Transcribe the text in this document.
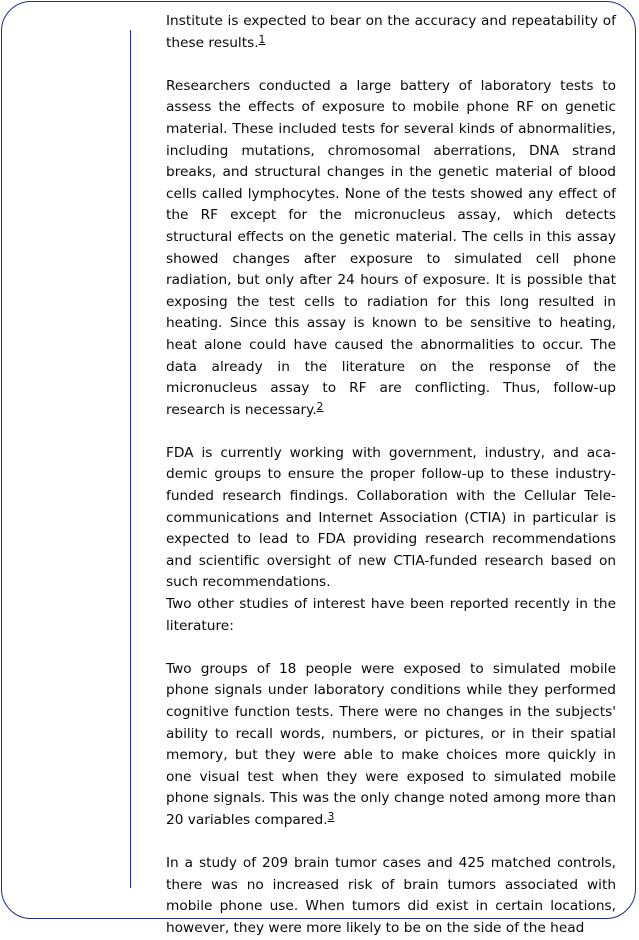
Institute is expected to bear on the accuracy and repeatability of these results.$^1$

Researchers conducted a large battery of laboratory tests to assess the effects of exposure to mobile phone RF on genetic material. These included tests for several kinds of abnormalities, including mutations, chromosomal aberrations, DNA strand breaks, and structural changes in the genetic material of blood cells called lymphocytes. None of the tests showed any effect of the RF except for the micronucleus assay, which detects structural effects on the genetic material. The cells in this assay showed changes after exposure to simulated cell phone radiation, but only after 24 hours of exposure. It is possible that exposing the test cells to radiation for this long resulted in heating. Since this assay is known to be sensitive to heating, heat alone could have caused the abnormalities to occur. The data already in the literature on the response of the micronucleus assay to RF are conflicting. Thus, follow-up research is necessary.$^2$

FDA is currently working with government, industry, and academic groups to ensure the proper follow-up to these industry-funded research findings. Collaboration with the Cellular Telecommunications and Internet Association (CTIA) in particular is expected to lead to FDA providing research recommendations and scientific oversight of new CTIA-funded research based on such recommendations.

Two other studies of interest have been reported recently in the literature:

Two groups of 18 people were exposed to simulated mobile phone signals under laboratory conditions while they performed cognitive function tests. There were no changes in the subjects' ability to recall words, numbers, or pictures, or in their spatial memory, but they were able to make choices more quickly in one visual test when they were exposed to simulated mobile phone signals. This was the only change noted among more than 20 variables compared.$^3$

In a study of 209 brain tumor cases and 425 matched controls, there was no increased risk of brain tumors associated with mobile phone use. When tumors did exist in certain locations, however, they were more likely to be on the side of the head
